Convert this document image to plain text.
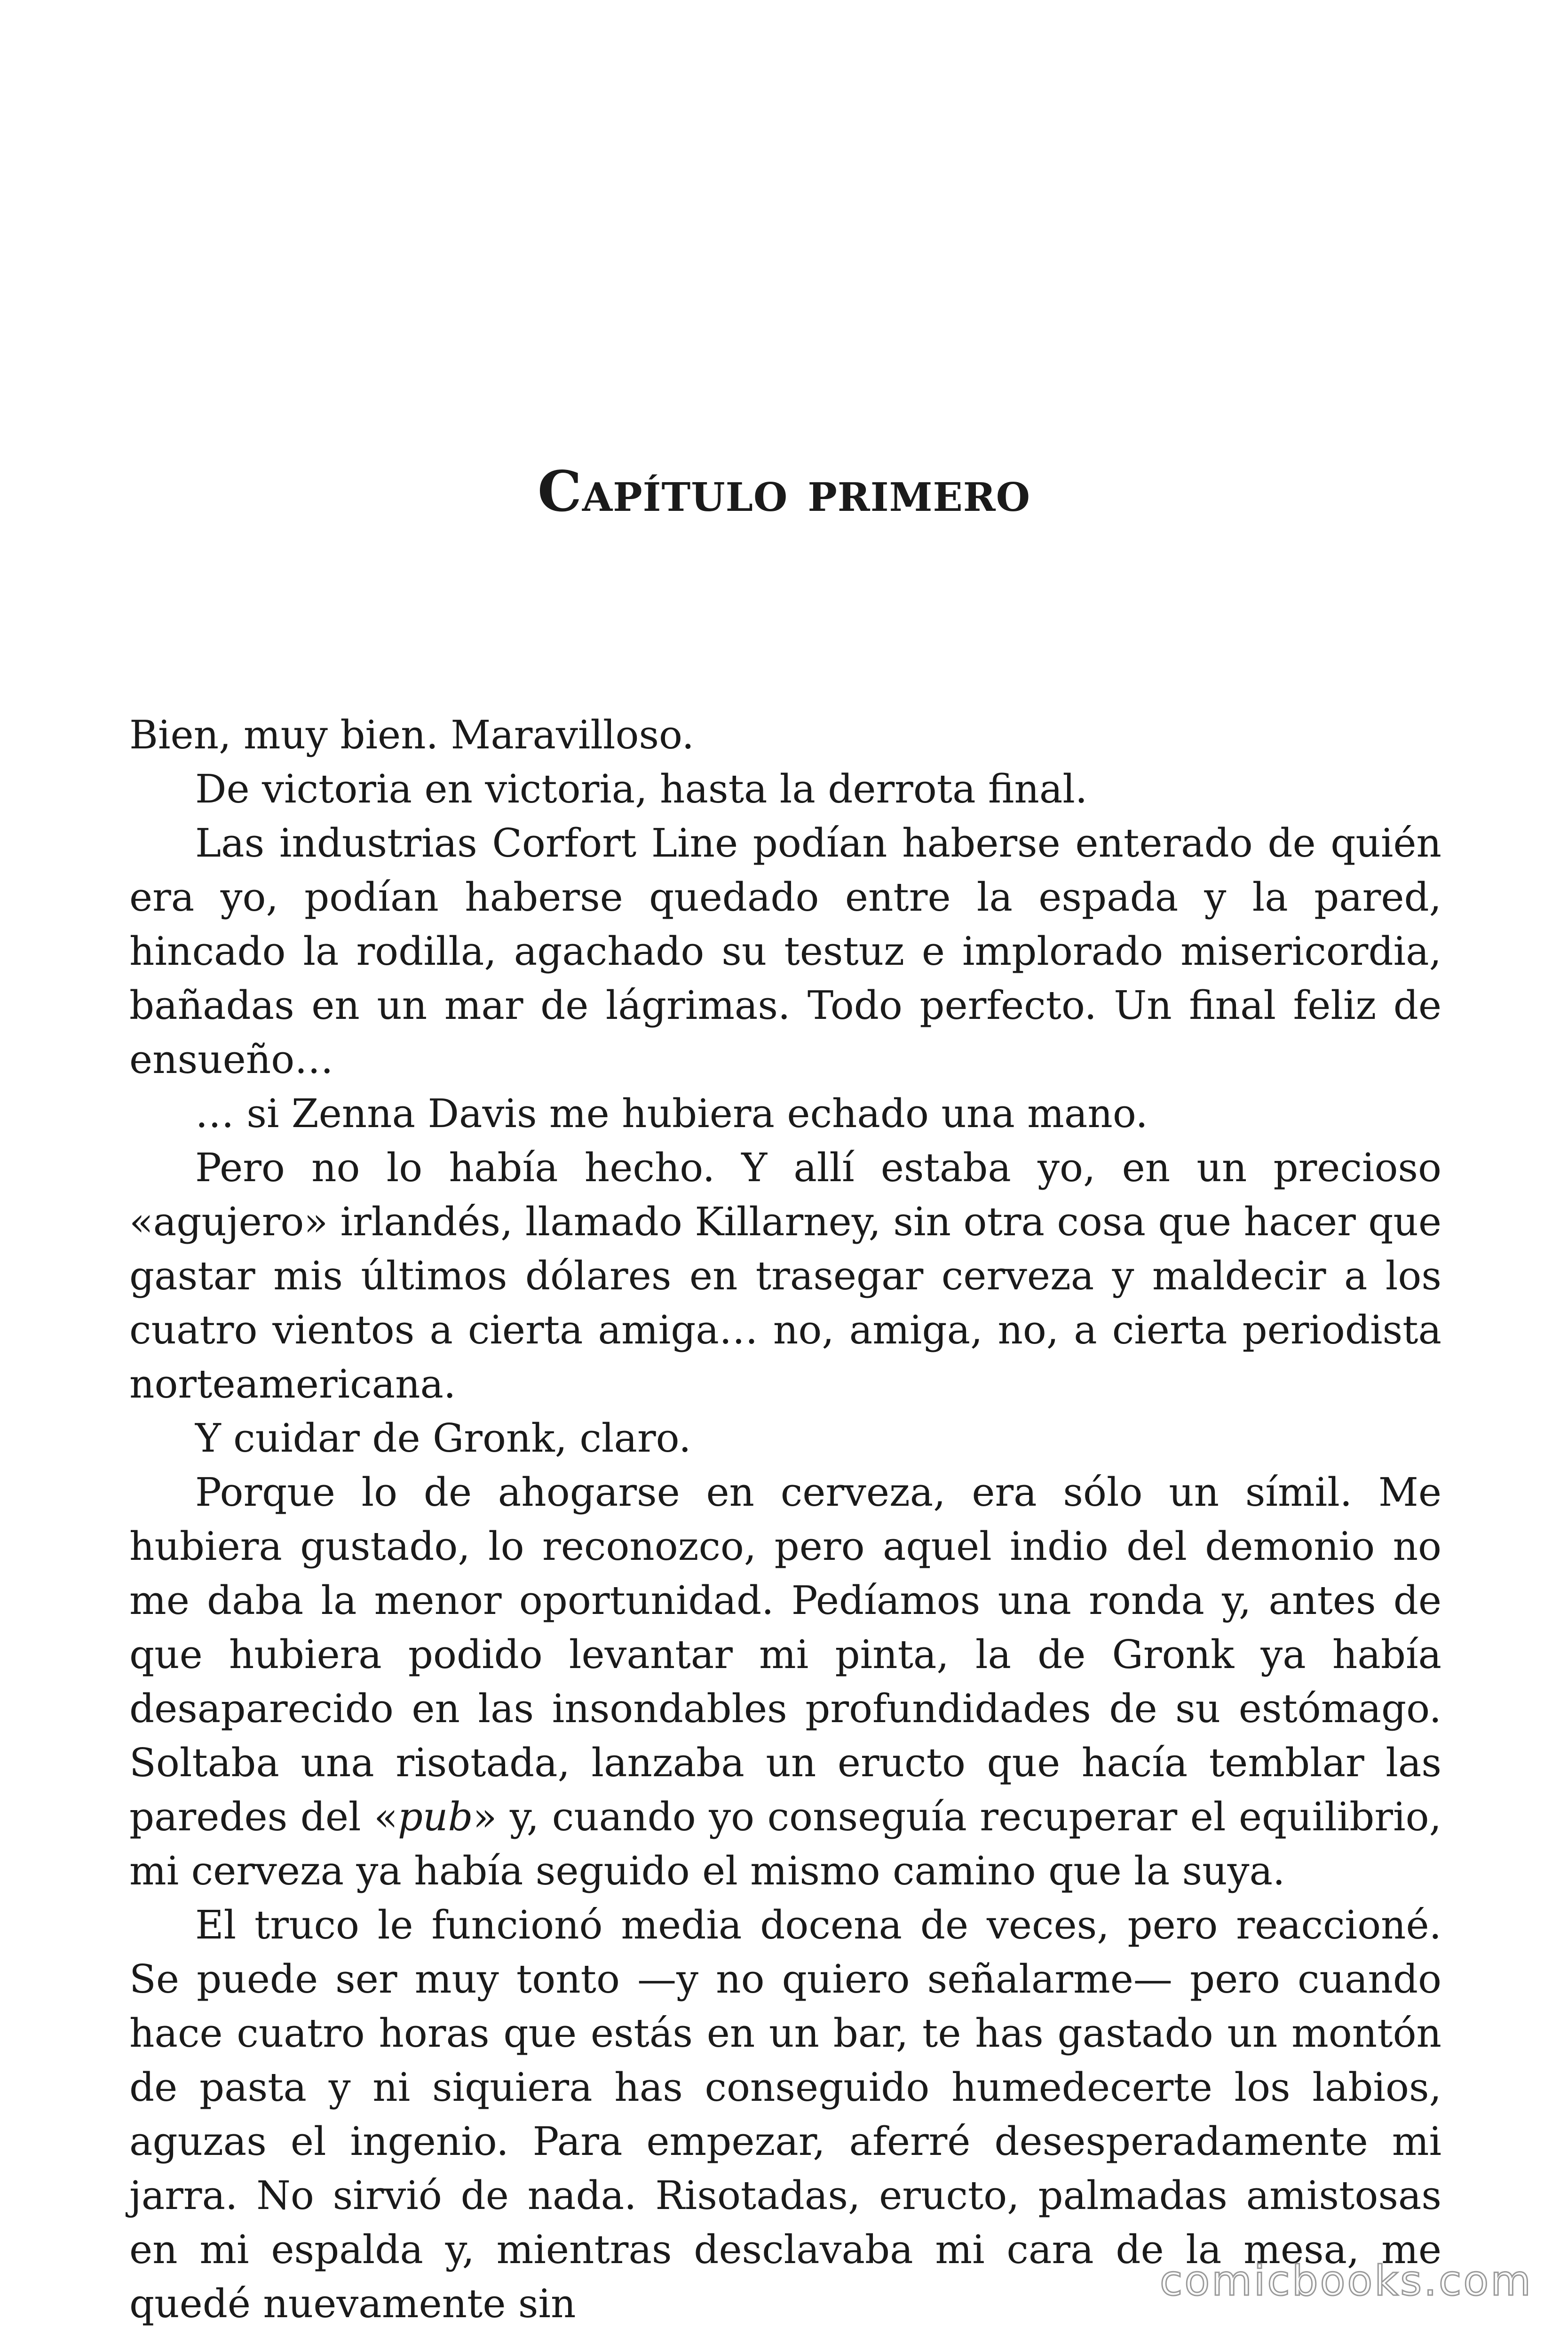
Capítulo primero

Bien, muy bien. Maravilloso.

De victoria en victoria, hasta la derrota final.

Las industrias Corfort Line podían haberse enterado de quién era yo, podían haberse quedado entre la espada y la pared, hincado la rodilla, agachado su testuz e implorado misericordia, bañadas en un mar de lágrimas. Todo perfecto. Un final feliz de ensueño…

… si Zenna Davis me hubiera echado una mano.

Pero no lo había hecho. Y allí estaba yo, en un precioso «agujero» irlandés, llamado Killarney, sin otra cosa que hacer que gastar mis últimos dólares en trasegar cerveza y maldecir a los cuatro vientos a cierta amiga… no, amiga, no, a cierta periodista norteamericana.

Y cuidar de Gronk, claro.

Porque lo de ahogarse en cerveza, era sólo un símil. Me hubiera gustado, lo reconozco, pero aquel indio del demonio no me daba la menor oportunidad. Pedíamos una ronda y, antes de que hubiera podido levantar mi pinta, la de Gronk ya había desaparecido en las insondables profundidades de su estómago. Soltaba una risotada, lanzaba un eructo que hacía temblar las paredes del «pub» y, cuando yo conseguía recuperar el equilibrio, mi cerveza ya había seguido el mismo camino que la suya.

El truco le funcionó media docena de veces, pero reaccioné. Se puede ser muy tonto —y no quiero señalarme— pero cuando hace cuatro horas que estás en un bar, te has gastado un montón de pasta y ni siquiera has conseguido humedecerte los labios, aguzas el ingenio. Para empezar, aferré desesperadamente mi jarra. No sirvió de nada. Risotadas, eructo, palmadas amistosas en mi espalda y, mientras desclavaba mi cara de la mesa, me quedé nuevamente sin	comicbooks.com
